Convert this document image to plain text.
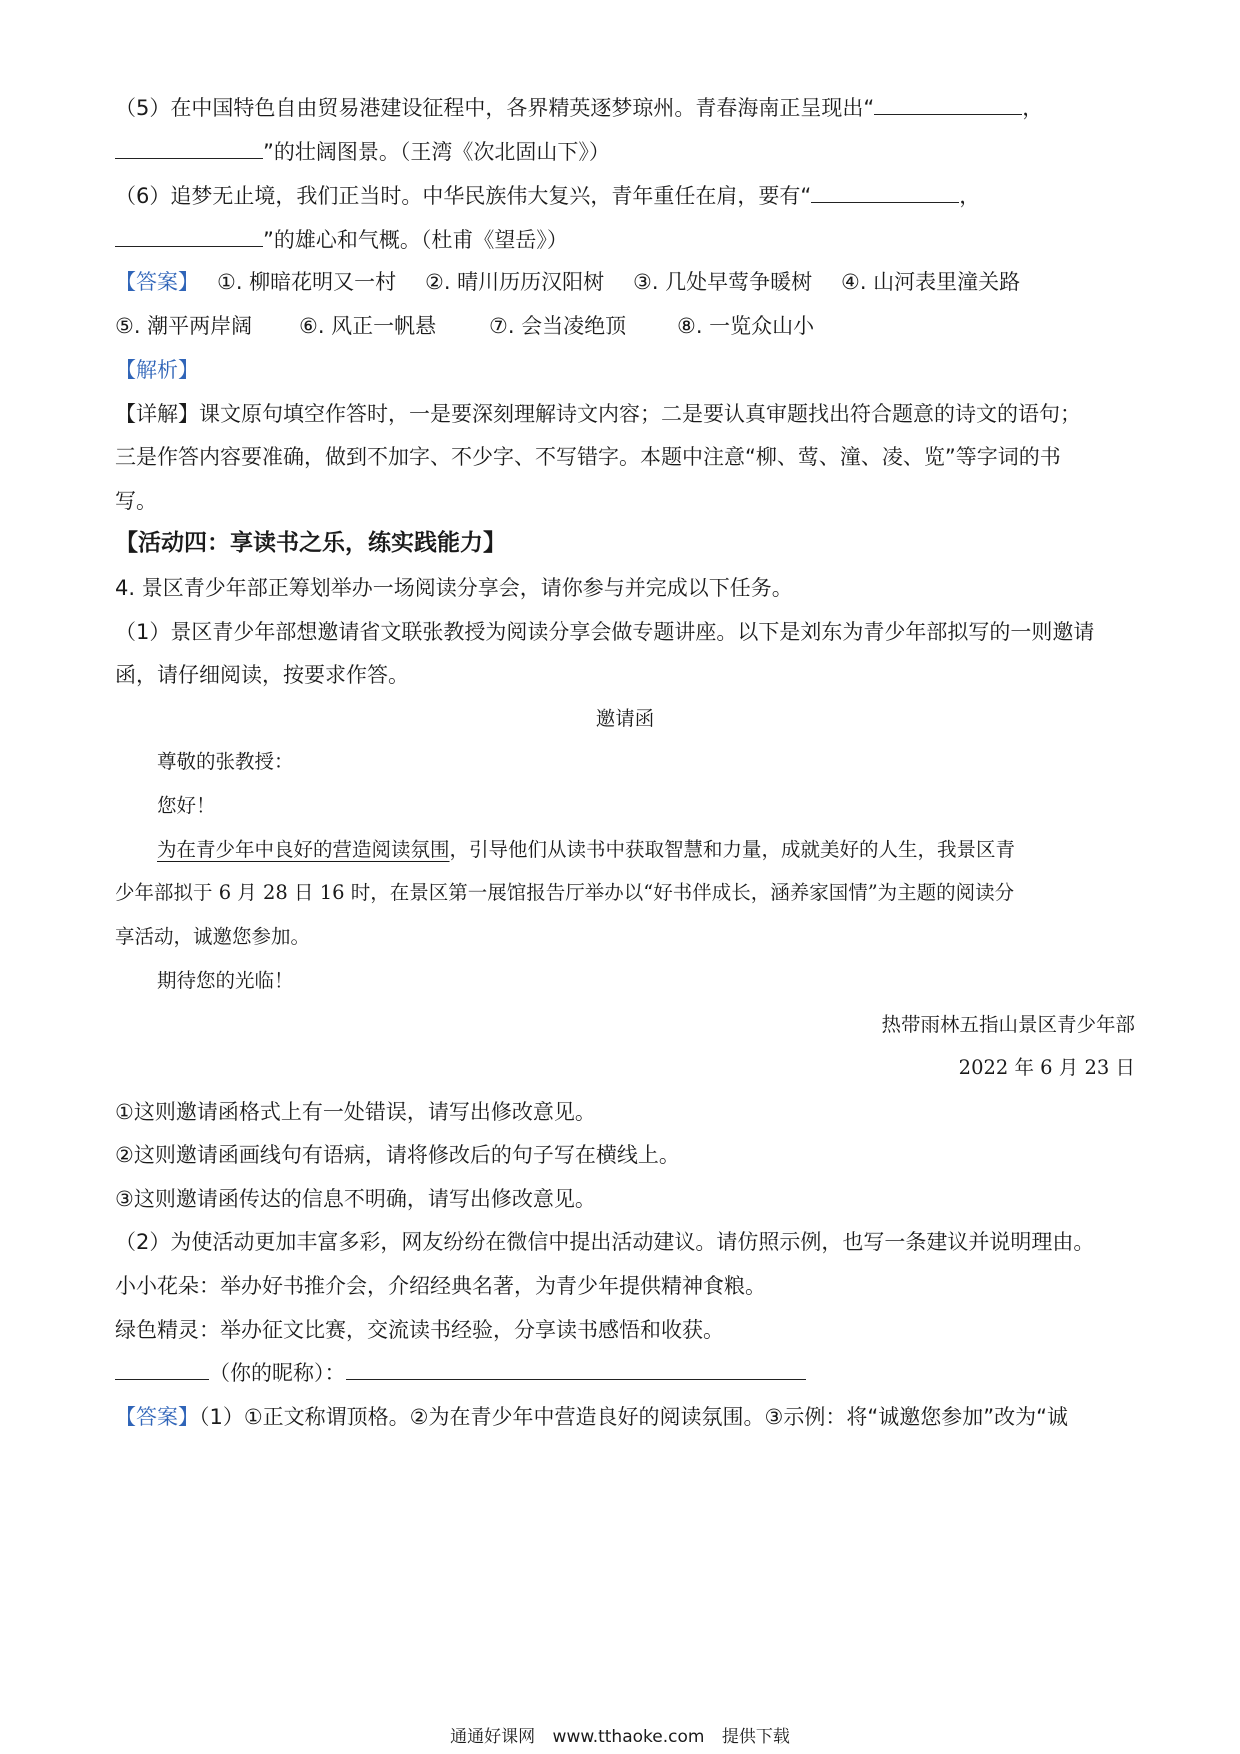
（5）在中国特色自由贸易港建设征程中，各界精英逐梦琼州。青春海南正呈现出“	，
”的壮阔图景。（王湾《次北固山下》）
（6）追梦无止境，我们正当时。中华民族伟大复兴，青年重任在肩，要有“	，
”的雄心和气概。（杜甫《望岳》）
【答案】 ①. 柳暗花明又一村 ②. 晴川历历汉阳树 ③. 几处早莺争暖树 ④. 山河表里潼关路
⑤. 潮平两岸阔 ⑥. 风正一帆悬	⑦. 会当凌绝顶 ⑧. 一览众山小
【解析】
【详解】课文原句填空作答时，一是要深刻理解诗文内容；二是要认真审题找出符合题意的诗文的语句；
三是作答内容要准确，做到不加字、不少字、不写错字。本题中注意“柳、莺、潼、凌、览”等字词的书
写。
【活动四：享读书之乐，练实践能力】
4. 景区青少年部正筹划举办一场阅读分享会，请你参与并完成以下任务。
（1）景区青少年部想邀请省文联张教授为阅读分享会做专题讲座。以下是刘东为青少年部拟写的一则邀请
函，请仔细阅读，按要求作答。
邀请函
尊敬的张教授：
您好！
为在青少年中良好的营造阅读氛围，引导他们从读书中获取智慧和力量，成就美好的人生，我景区青
少年部拟于 6 月 28 日 16 时，在景区第一展馆报告厅举办以“好书伴成长，涵养家国情”为主题的阅读分
享活动，诚邀您参加。
期待您的光临！
热带雨林五指山景区青少年部
2022 年 6 月 23 日
①这则邀请函格式上有一处错误，请写出修改意见。
②这则邀请函画线句有语病，请将修改后的句子写在横线上。
③这则邀请函传达的信息不明确，请写出修改意见。
（2）为使活动更加丰富多彩，网友纷纷在微信中提出活动建议。请仿照示例，也写一条建议并说明理由。
小小花朵：举办好书推介会，介绍经典名著，为青少年提供精神食粮。
绿色精灵：举办征文比赛，交流读书经验，分享读书感悟和收获。
（你的昵称）：
【答案】（1）①正文称谓顶格。②为在青少年中营造良好的阅读氛围。③示例：将“诚邀您参加”改为“诚
通通好课网 www.tthaoke.com 提供下载
